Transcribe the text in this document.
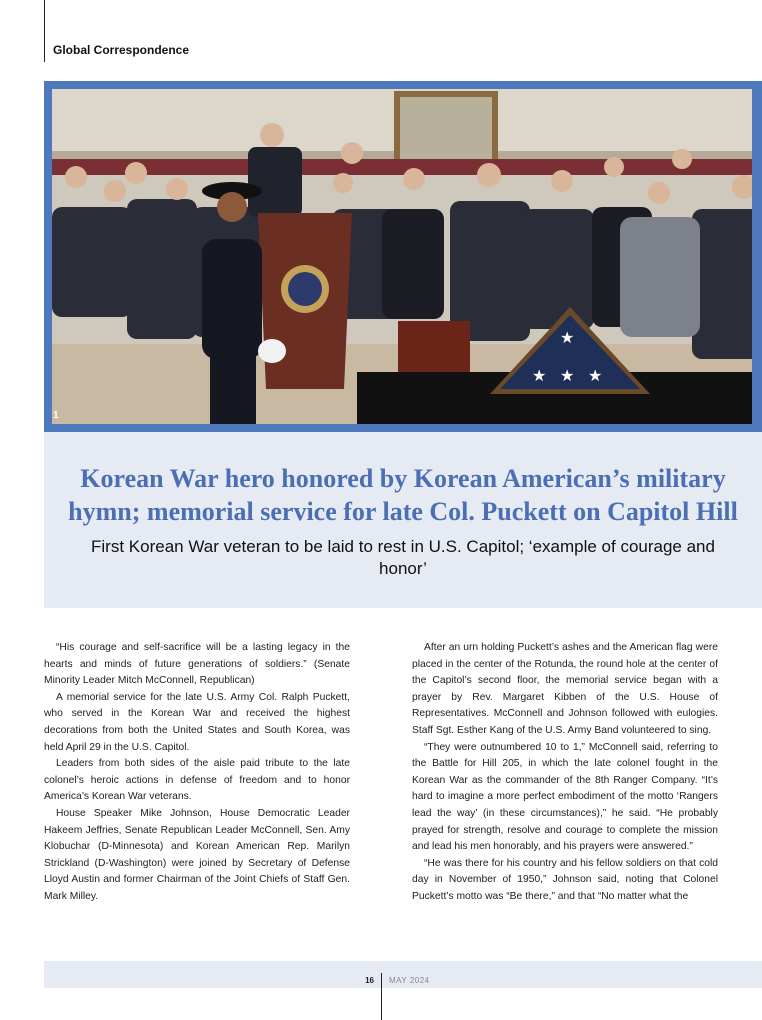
Global Correspondence
★
★ ★ ★
1
Korean War hero honored by Korean American’s military hymn; memorial service for late Col. Puckett on Capitol Hill
First Korean War veteran to be laid to rest in U.S. Capitol; ‘example of courage and honor’

“His courage and self-sacrifice will be a lasting legacy in the hearts and minds of future generations of soldiers.” (Senate Minority Leader Mitch McConnell, Republican)

A memorial service for the late U.S. Army Col. Ralph Puckett, who served in the Korean War and received the highest decorations from both the United States and South Korea, was held April 29 in the U.S. Capitol.

Leaders from both sides of the aisle paid tribute to the late colonel’s heroic actions in defense of freedom and to honor America’s Korean War veterans.

House Speaker Mike Johnson, House Democratic Leader Hakeem Jeffries, Senate Republican Leader McConnell, Sen. Amy Klobuchar (D-Minnesota) and Korean American Rep. Marilyn Strickland (D-Washington) were joined by Secretary of Defense Lloyd Austin and former Chairman of the Joint Chiefs of Staff Gen. Mark Milley.

After an urn holding Puckett’s ashes and the American flag were placed in the center of the Rotunda, the round hole at the center of the Capitol’s second floor, the memorial service began with a prayer by Rev. Margaret Kibben of the U.S. House of Representatives. McConnell and Johnson followed with eulogies. Staff Sgt. Esther Kang of the U.S. Army Band volunteered to sing.

“They were outnumbered 10 to 1,” McConnell said, referring to the Battle for Hill 205, in which the late colonel fought in the Korean War as the commander of the 8th Ranger Company. “It’s hard to imagine a more perfect embodiment of the motto ‘Rangers lead the way’ (in these circumstances),” he said. “He probably prayed for strength, resolve and courage to complete the mission and lead his men honorably, and his prayers were answered.”

“He was there for his country and his fellow soldiers on that cold day in November of 1950,” Johnson said, noting that Colonel Puckett’s motto was “Be there,” and that “No matter what the

16 MAY 2024
